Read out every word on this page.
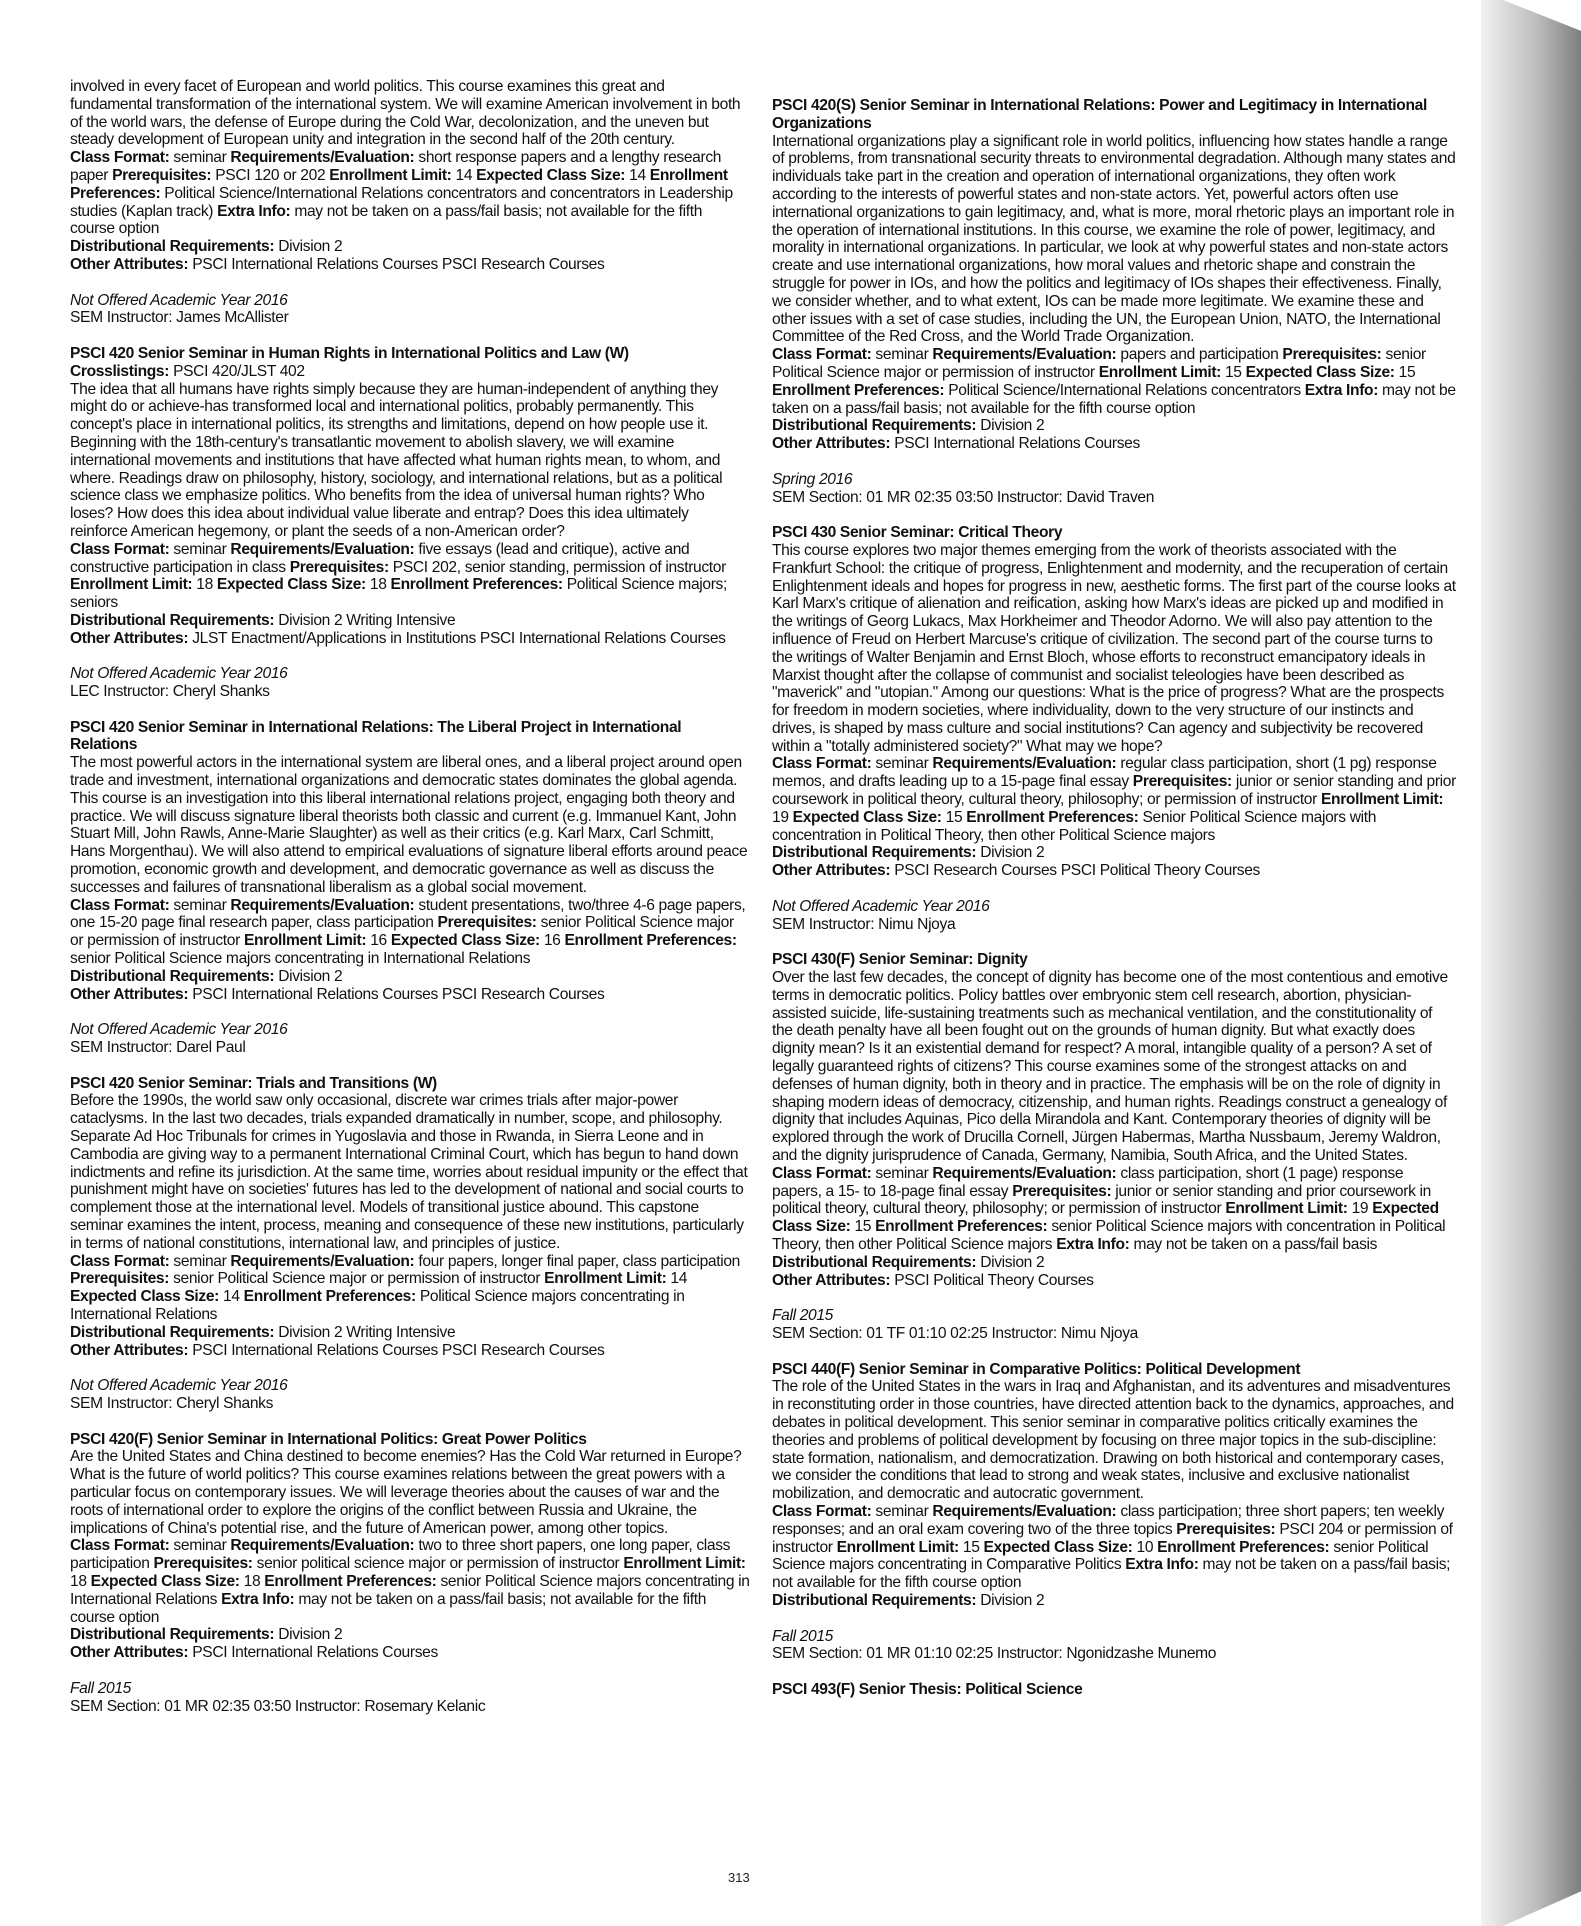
involved in every facet of European and world politics. This course examines this great and fundamental transformation of the international system. We will examine American involvement in both of the world wars, the defense of Europe during the Cold War, decolonization, and the uneven but steady development of European unity and integration in the second half of the 20th century.

Class Format: seminar Requirements/Evaluation: short response papers and a lengthy research paper Prerequisites: PSCI 120 or 202 Enrollment Limit: 14 Expected Class Size: 14 Enrollment Preferences: Political Science/International Relations concentrators and concentrators in Leadership studies (Kaplan track) Extra Info: may not be taken on a pass/fail basis; not available for the fifth course option

Distributional Requirements: Division 2

Other Attributes: PSCI International Relations Courses PSCI Research Courses

Not Offered Academic Year 2016

SEM Instructor: James McAllister

PSCI 420 Senior Seminar in Human Rights in International Politics and Law (W)

Crosslistings: PSCI 420/JLST 402

The idea that all humans have rights simply because they are human-independent of anything they might do or achieve-has transformed local and international politics, probably permanently. This concept's place in international politics, its strengths and limitations, depend on how people use it. Beginning with the 18th-century's transatlantic movement to abolish slavery, we will examine international movements and institutions that have affected what human rights mean, to whom, and where. Readings draw on philosophy, history, sociology, and international relations, but as a political science class we emphasize politics. Who benefits from the idea of universal human rights? Who loses? How does this idea about individual value liberate and entrap? Does this idea ultimately reinforce American hegemony, or plant the seeds of a non-American order?

Class Format: seminar Requirements/Evaluation: five essays (lead and critique), active and constructive participation in class Prerequisites: PSCI 202, senior standing, permission of instructor Enrollment Limit: 18 Expected Class Size: 18 Enrollment Preferences: Political Science majors; seniors

Distributional Requirements: Division 2 Writing Intensive

Other Attributes: JLST Enactment/Applications in Institutions PSCI International Relations Courses

Not Offered Academic Year 2016

LEC Instructor: Cheryl Shanks

PSCI 420 Senior Seminar in International Relations: The Liberal Project in International Relations

The most powerful actors in the international system are liberal ones, and a liberal project around open trade and investment, international organizations and democratic states dominates the global agenda. This course is an investigation into this liberal international relations project, engaging both theory and practice. We will discuss signature liberal theorists both classic and current (e.g. Immanuel Kant, John Stuart Mill, John Rawls, Anne-Marie Slaughter) as well as their critics (e.g. Karl Marx, Carl Schmitt, Hans Morgenthau). We will also attend to empirical evaluations of signature liberal efforts around peace promotion, economic growth and development, and democratic governance as well as discuss the successes and failures of transnational liberalism as a global social movement.

Class Format: seminar Requirements/Evaluation: student presentations, two/three 4-6 page papers, one 15-20 page final research paper, class participation Prerequisites: senior Political Science major or permission of instructor Enrollment Limit: 16 Expected Class Size: 16 Enrollment Preferences: senior Political Science majors concentrating in International Relations

Distributional Requirements: Division 2

Other Attributes: PSCI International Relations Courses PSCI Research Courses

Not Offered Academic Year 2016

SEM Instructor: Darel Paul

PSCI 420 Senior Seminar: Trials and Transitions (W)

Before the 1990s, the world saw only occasional, discrete war crimes trials after major-power cataclysms. In the last two decades, trials expanded dramatically in number, scope, and philosophy. Separate Ad Hoc Tribunals for crimes in Yugoslavia and those in Rwanda, in Sierra Leone and in Cambodia are giving way to a permanent International Criminal Court, which has begun to hand down indictments and refine its jurisdiction. At the same time, worries about residual impunity or the effect that punishment might have on societies' futures has led to the development of national and social courts to complement those at the international level. Models of transitional justice abound. This capstone seminar examines the intent, process, meaning and consequence of these new institutions, particularly in terms of national constitutions, international law, and principles of justice.

Class Format: seminar Requirements/Evaluation: four papers, longer final paper, class participation Prerequisites: senior Political Science major or permission of instructor Enrollment Limit: 14 Expected Class Size: 14 Enrollment Preferences: Political Science majors concentrating in International Relations

Distributional Requirements: Division 2 Writing Intensive

Other Attributes: PSCI International Relations Courses PSCI Research Courses

Not Offered Academic Year 2016

SEM Instructor: Cheryl Shanks

PSCI 420(F) Senior Seminar in International Politics: Great Power Politics

Are the United States and China destined to become enemies? Has the Cold War returned in Europe? What is the future of world politics? This course examines relations between the great powers with a particular focus on contemporary issues. We will leverage theories about the causes of war and the roots of international order to explore the origins of the conflict between Russia and Ukraine, the implications of China's potential rise, and the future of American power, among other topics.

Class Format: seminar Requirements/Evaluation: two to three short papers, one long paper, class participation Prerequisites: senior political science major or permission of instructor Enrollment Limit: 18 Expected Class Size: 18 Enrollment Preferences: senior Political Science majors concentrating in International Relations Extra Info: may not be taken on a pass/fail basis; not available for the fifth course option

Distributional Requirements: Division 2

Other Attributes: PSCI International Relations Courses

Fall 2015

SEM Section: 01 MR 02:35 03:50 Instructor: Rosemary Kelanic

PSCI 420(S) Senior Seminar in International Relations: Power and Legitimacy in International Organizations

International organizations play a significant role in world politics, influencing how states handle a range of problems, from transnational security threats to environmental degradation. Although many states and individuals take part in the creation and operation of international organizations, they often work according to the interests of powerful states and non-state actors. Yet, powerful actors often use international organizations to gain legitimacy, and, what is more, moral rhetoric plays an important role in the operation of international institutions. In this course, we examine the role of power, legitimacy, and morality in international organizations. In particular, we look at why powerful states and non-state actors create and use international organizations, how moral values and rhetoric shape and constrain the struggle for power in IOs, and how the politics and legitimacy of IOs shapes their effectiveness. Finally, we consider whether, and to what extent, IOs can be made more legitimate. We examine these and other issues with a set of case studies, including the UN, the European Union, NATO, the International Committee of the Red Cross, and the World Trade Organization.

Class Format: seminar Requirements/Evaluation: papers and participation Prerequisites: senior Political Science major or permission of instructor Enrollment Limit: 15 Expected Class Size: 15 Enrollment Preferences: Political Science/International Relations concentrators Extra Info: may not be taken on a pass/fail basis; not available for the fifth course option

Distributional Requirements: Division 2

Other Attributes: PSCI International Relations Courses

Spring 2016

SEM Section: 01 MR 02:35 03:50 Instructor: David Traven

PSCI 430 Senior Seminar: Critical Theory

This course explores two major themes emerging from the work of theorists associated with the Frankfurt School: the critique of progress, Enlightenment and modernity, and the recuperation of certain Enlightenment ideals and hopes for progress in new, aesthetic forms. The first part of the course looks at Karl Marx's critique of alienation and reification, asking how Marx's ideas are picked up and modified in the writings of Georg Lukacs, Max Horkheimer and Theodor Adorno. We will also pay attention to the influence of Freud on Herbert Marcuse's critique of civilization. The second part of the course turns to the writings of Walter Benjamin and Ernst Bloch, whose efforts to reconstruct emancipatory ideals in Marxist thought after the collapse of communist and socialist teleologies have been described as "maverick" and "utopian." Among our questions: What is the price of progress? What are the prospects for freedom in modern societies, where individuality, down to the very structure of our instincts and drives, is shaped by mass culture and social institutions? Can agency and subjectivity be recovered within a "totally administered society?" What may we hope?

Class Format: seminar Requirements/Evaluation: regular class participation, short (1 pg) response memos, and drafts leading up to a 15-page final essay Prerequisites: junior or senior standing and prior coursework in political theory, cultural theory, philosophy; or permission of instructor Enrollment Limit: 19 Expected Class Size: 15 Enrollment Preferences: Senior Political Science majors with concentration in Political Theory, then other Political Science majors

Distributional Requirements: Division 2

Other Attributes: PSCI Research Courses PSCI Political Theory Courses

Not Offered Academic Year 2016

SEM Instructor: Nimu Njoya

PSCI 430(F) Senior Seminar: Dignity

Over the last few decades, the concept of dignity has become one of the most contentious and emotive terms in democratic politics. Policy battles over embryonic stem cell research, abortion, physician-assisted suicide, life-sustaining treatments such as mechanical ventilation, and the constitutionality of the death penalty have all been fought out on the grounds of human dignity. But what exactly does dignity mean? Is it an existential demand for respect? A moral, intangible quality of a person? A set of legally guaranteed rights of citizens? This course examines some of the strongest attacks on and defenses of human dignity, both in theory and in practice. The emphasis will be on the role of dignity in shaping modern ideas of democracy, citizenship, and human rights. Readings construct a genealogy of dignity that includes Aquinas, Pico della Mirandola and Kant. Contemporary theories of dignity will be explored through the work of Drucilla Cornell, Jürgen Habermas, Martha Nussbaum, Jeremy Waldron, and the dignity jurisprudence of Canada, Germany, Namibia, South Africa, and the United States.

Class Format: seminar Requirements/Evaluation: class participation, short (1 page) response papers, a 15- to 18-page final essay Prerequisites: junior or senior standing and prior coursework in political theory, cultural theory, philosophy; or permission of instructor Enrollment Limit: 19 Expected Class Size: 15 Enrollment Preferences: senior Political Science majors with concentration in Political Theory, then other Political Science majors Extra Info: may not be taken on a pass/fail basis

Distributional Requirements: Division 2

Other Attributes: PSCI Political Theory Courses

Fall 2015

SEM Section: 01 TF 01:10 02:25 Instructor: Nimu Njoya

PSCI 440(F) Senior Seminar in Comparative Politics: Political Development

The role of the United States in the wars in Iraq and Afghanistan, and its adventures and misadventures in reconstituting order in those countries, have directed attention back to the dynamics, approaches, and debates in political development. This senior seminar in comparative politics critically examines the theories and problems of political development by focusing on three major topics in the sub-discipline: state formation, nationalism, and democratization. Drawing on both historical and contemporary cases, we consider the conditions that lead to strong and weak states, inclusive and exclusive nationalist mobilization, and democratic and autocratic government.

Class Format: seminar Requirements/Evaluation: class participation; three short papers; ten weekly responses; and an oral exam covering two of the three topics Prerequisites: PSCI 204 or permission of instructor Enrollment Limit: 15 Expected Class Size: 10 Enrollment Preferences: senior Political Science majors concentrating in Comparative Politics Extra Info: may not be taken on a pass/fail basis; not available for the fifth course option

Distributional Requirements: Division 2

Fall 2015

SEM Section: 01 MR 01:10 02:25 Instructor: Ngonidzashe Munemo

PSCI 493(F) Senior Thesis: Political Science

313
